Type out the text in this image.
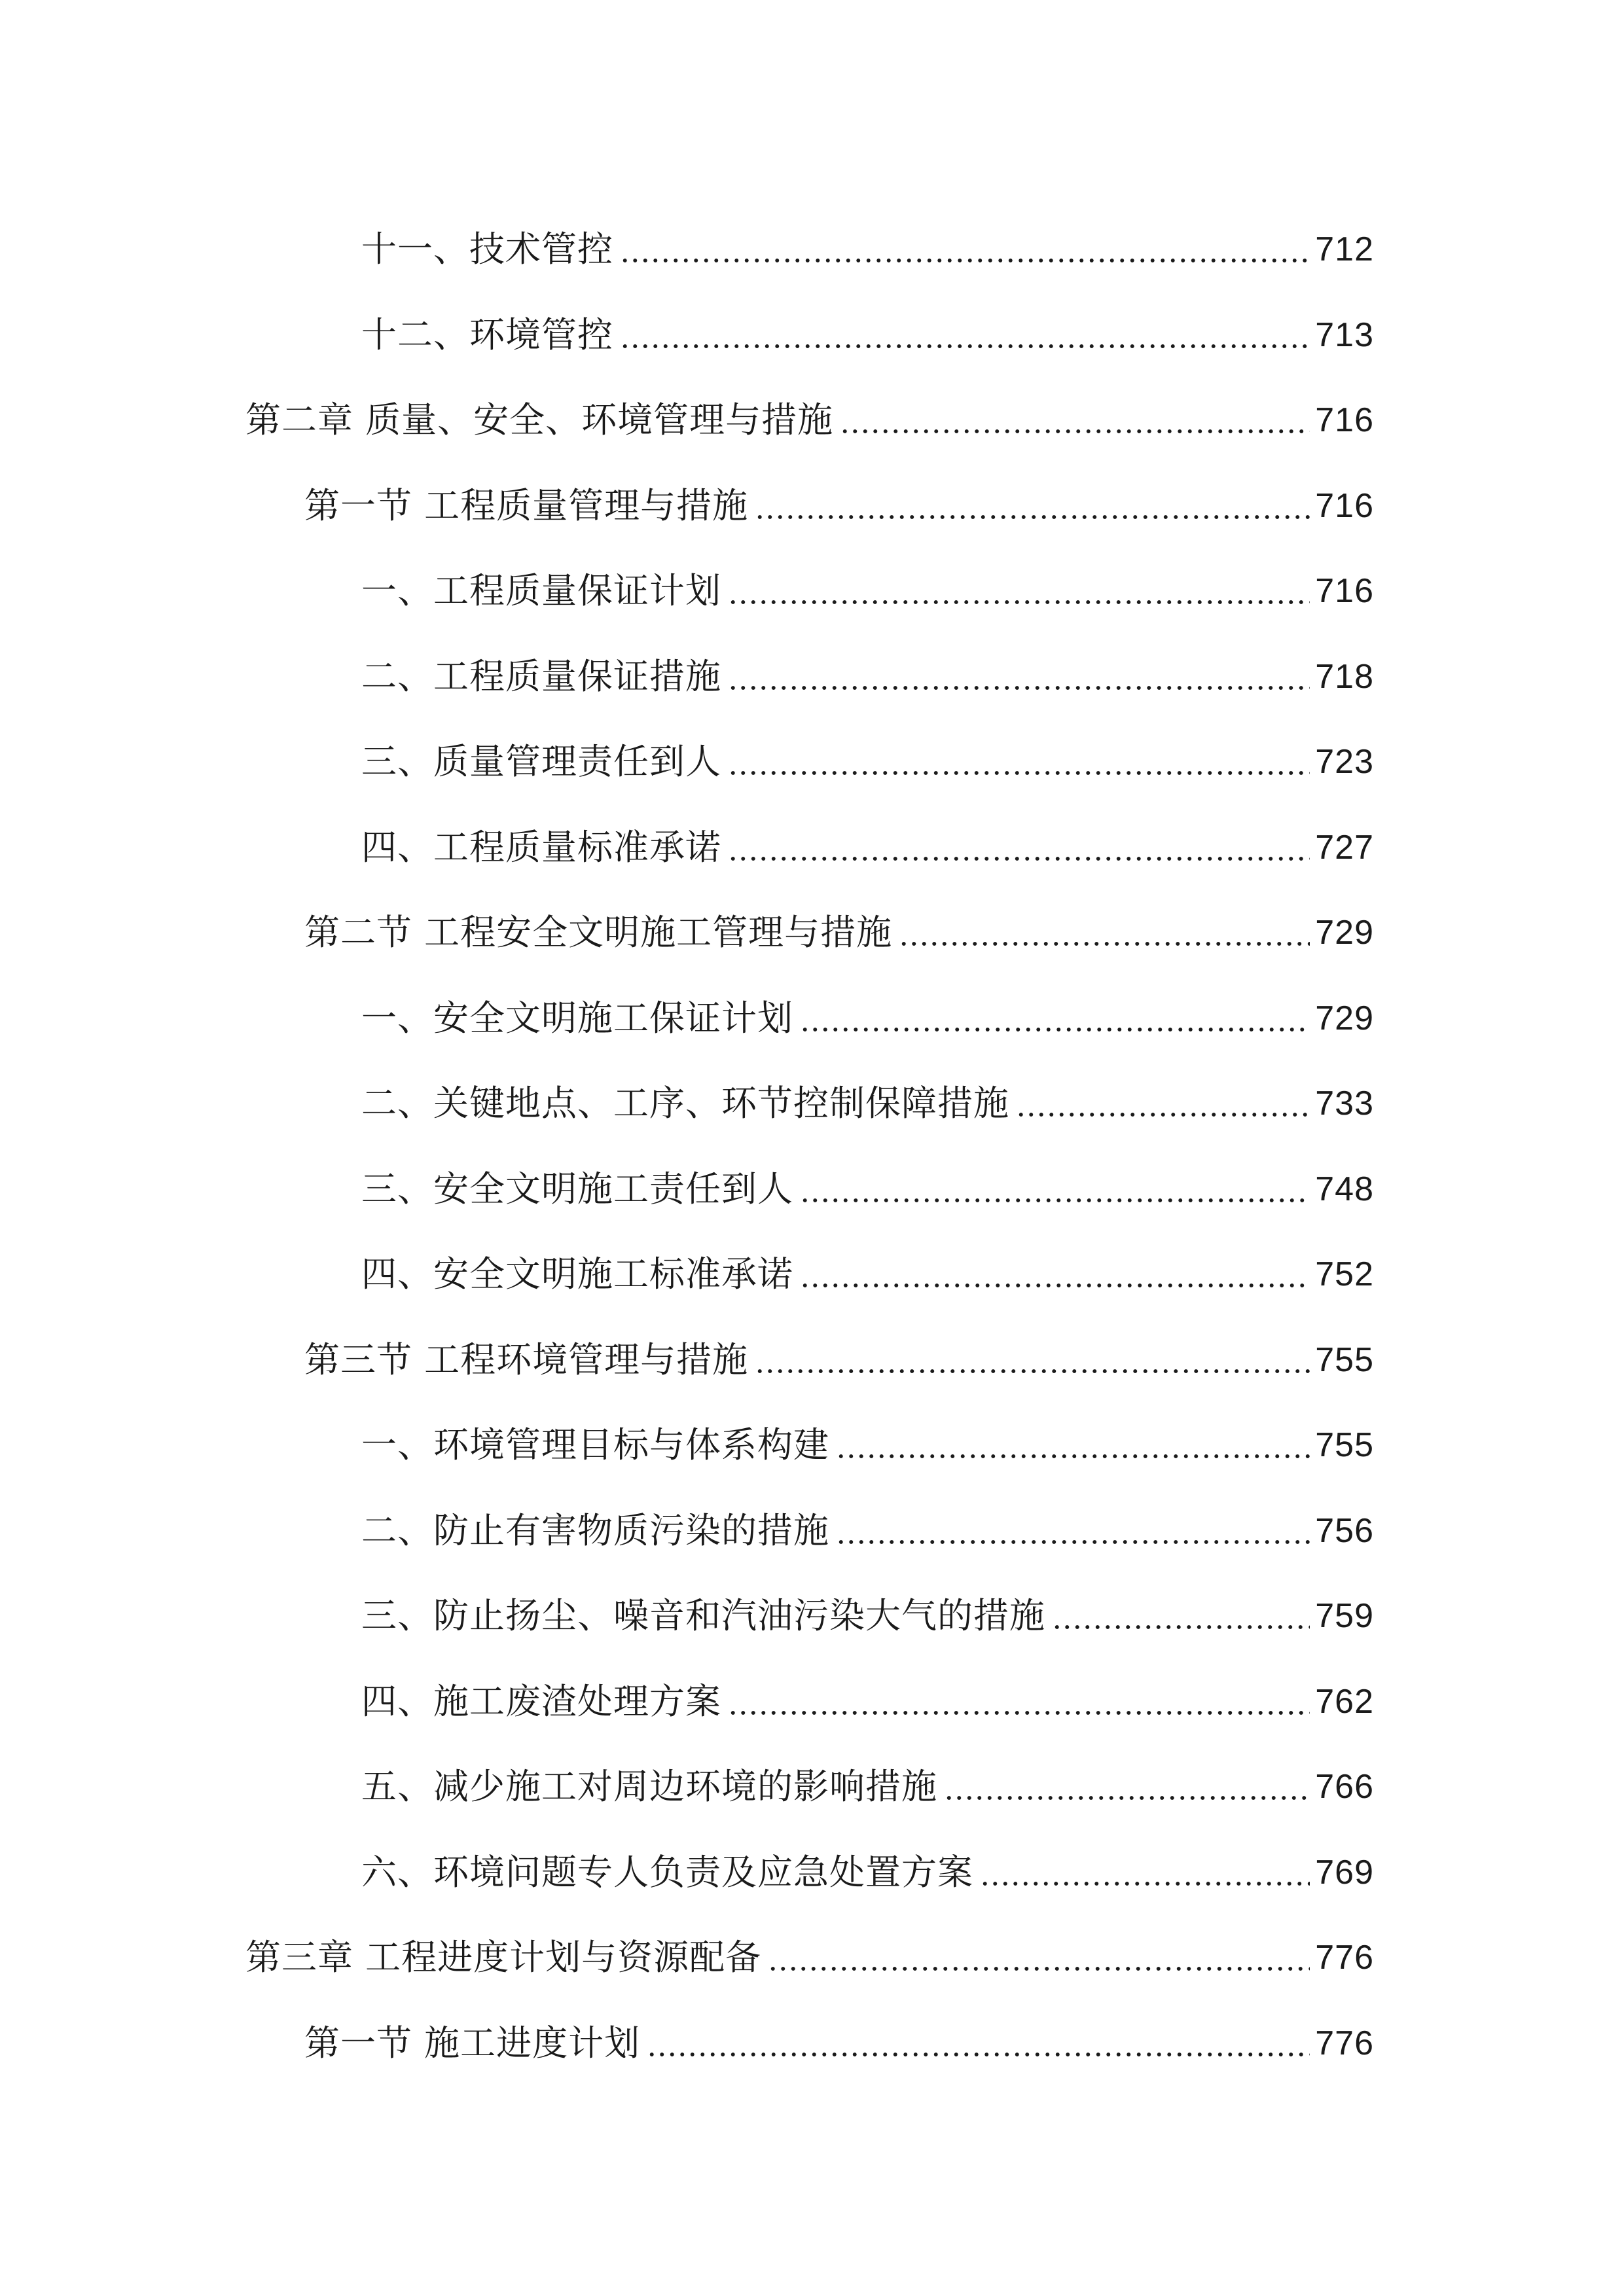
十一、技术管控	712
十二、环境管控	713
第二章 质量、安全、环境管理与措施	716
第一节 工程质量管理与措施	716
一、工程质量保证计划	716
二、工程质量保证措施	718
三、质量管理责任到人	723
四、工程质量标准承诺	727
第二节 工程安全文明施工管理与措施	729
一、安全文明施工保证计划	729
二、关键地点、工序、环节控制保障措施	733
三、安全文明施工责任到人	748
四、安全文明施工标准承诺	752
第三节 工程环境管理与措施	755
一、环境管理目标与体系构建	755
二、防止有害物质污染的措施	756
三、防止扬尘、噪音和汽油污染大气的措施	759
四、施工废渣处理方案	762
五、减少施工对周边环境的影响措施	766
六、环境问题专人负责及应急处置方案	769
第三章 工程进度计划与资源配备	776
第一节 施工进度计划	776
